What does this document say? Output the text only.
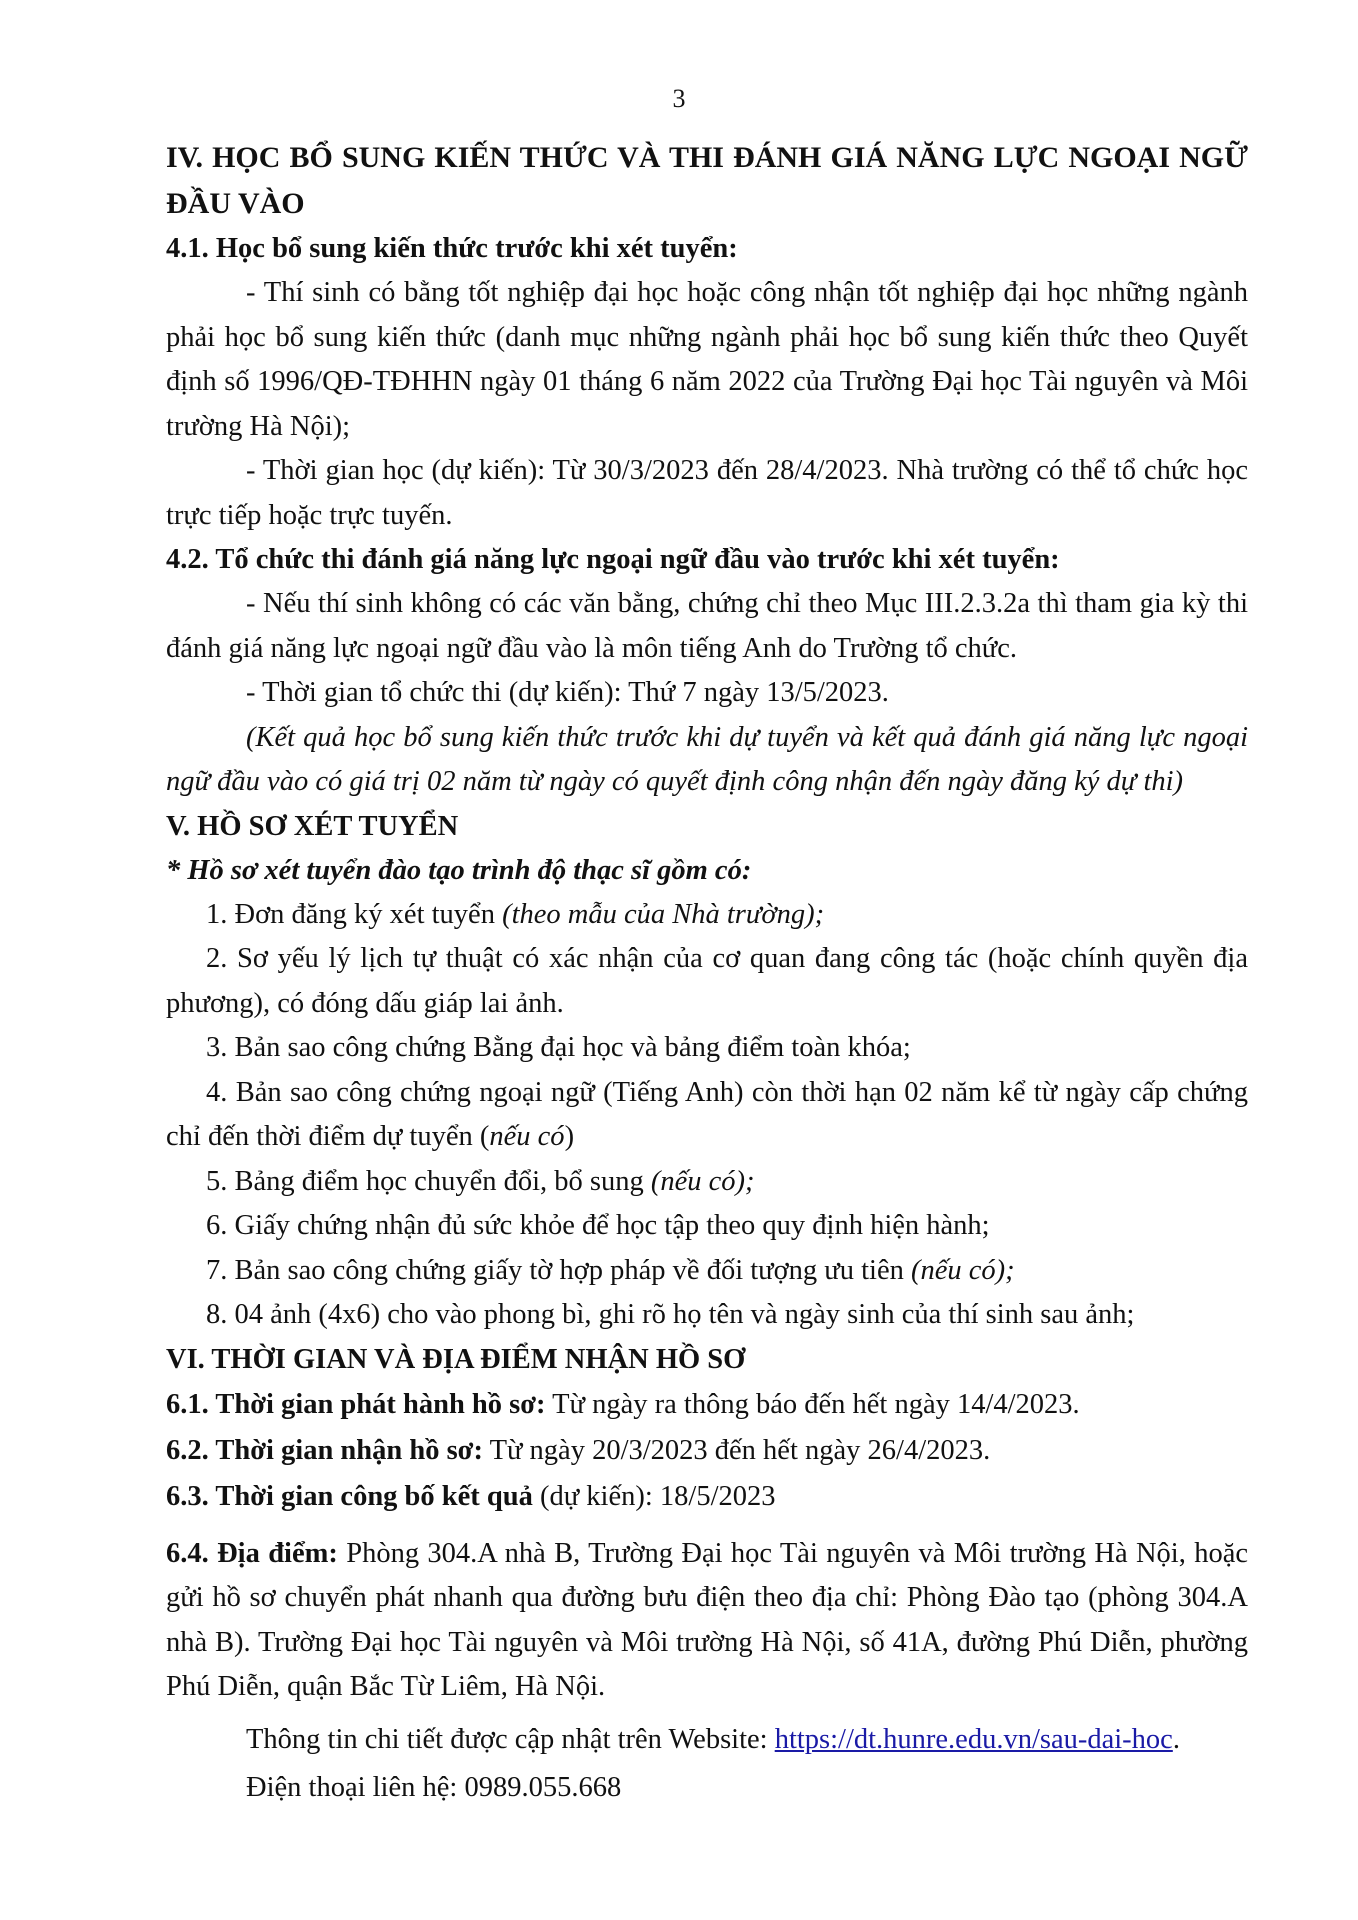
3

IV. HỌC BỔ SUNG KIẾN THỨC VÀ THI ĐÁNH GIÁ NĂNG LỰC NGOẠI NGỮ ĐẦU VÀO

4.1. Học bổ sung kiến thức trước khi xét tuyển:

- Thí sinh có bằng tốt nghiệp đại học hoặc công nhận tốt nghiệp đại học những ngành phải học bổ sung kiến thức (danh mục những ngành phải học bổ sung kiến thức theo Quyết định số 1996/QĐ-TĐHHN ngày 01 tháng 6 năm 2022 của Trường Đại học Tài nguyên và Môi trường Hà Nội);

- Thời gian học (dự kiến): Từ 30/3/2023 đến 28/4/2023. Nhà trường có thể tổ chức học trực tiếp hoặc trực tuyến.

4.2. Tổ chức thi đánh giá năng lực ngoại ngữ đầu vào trước khi xét tuyển:

- Nếu thí sinh không có các văn bằng, chứng chỉ theo Mục III.2.3.2a thì tham gia kỳ thi đánh giá năng lực ngoại ngữ đầu vào là môn tiếng Anh do Trường tổ chức.

- Thời gian tổ chức thi (dự kiến): Thứ 7 ngày 13/5/2023.

(Kết quả học bổ sung kiến thức trước khi dự tuyển và kết quả đánh giá năng lực ngoại ngữ đầu vào có giá trị 02 năm từ ngày có quyết định công nhận đến ngày đăng ký dự thi)

V. HỒ SƠ XÉT TUYỂN

* Hồ sơ xét tuyển đào tạo trình độ thạc sĩ gồm có:

1. Đơn đăng ký xét tuyển (theo mẫu của Nhà trường);

2. Sơ yếu lý lịch tự thuật có xác nhận của cơ quan đang công tác (hoặc chính quyền địa phương), có đóng dấu giáp lai ảnh.

3. Bản sao công chứng Bằng đại học và bảng điểm toàn khóa;

4. Bản sao công chứng ngoại ngữ (Tiếng Anh) còn thời hạn 02 năm kể từ ngày cấp chứng chỉ đến thời điểm dự tuyển (nếu có)

5. Bảng điểm học chuyển đổi, bổ sung (nếu có);

6. Giấy chứng nhận đủ sức khỏe để học tập theo quy định hiện hành;

7. Bản sao công chứng giấy tờ hợp pháp về đối tượng ưu tiên (nếu có);

8. 04 ảnh (4x6) cho vào phong bì, ghi rõ họ tên và ngày sinh của thí sinh sau ảnh;

VI. THỜI GIAN VÀ ĐỊA ĐIỂM NHẬN HỒ SƠ

6.1. Thời gian phát hành hồ sơ: Từ ngày ra thông báo đến hết ngày 14/4/2023.

6.2. Thời gian nhận hồ sơ: Từ ngày 20/3/2023 đến hết ngày 26/4/2023.

6.3. Thời gian công bố kết quả (dự kiến): 18/5/2023

6.4. Địa điểm: Phòng 304.A nhà B, Trường Đại học Tài nguyên và Môi trường Hà Nội, hoặc gửi hồ sơ chuyển phát nhanh qua đường bưu điện theo địa chỉ: Phòng Đào tạo (phòng 304.A nhà B). Trường Đại học Tài nguyên và Môi trường Hà Nội, số 41A, đường Phú Diễn, phường Phú Diễn, quận Bắc Từ Liêm, Hà Nội.

Thông tin chi tiết được cập nhật trên Website: https://dt.hunre.edu.vn/sau-dai-hoc.

Điện thoại liên hệ: 0989.055.668
